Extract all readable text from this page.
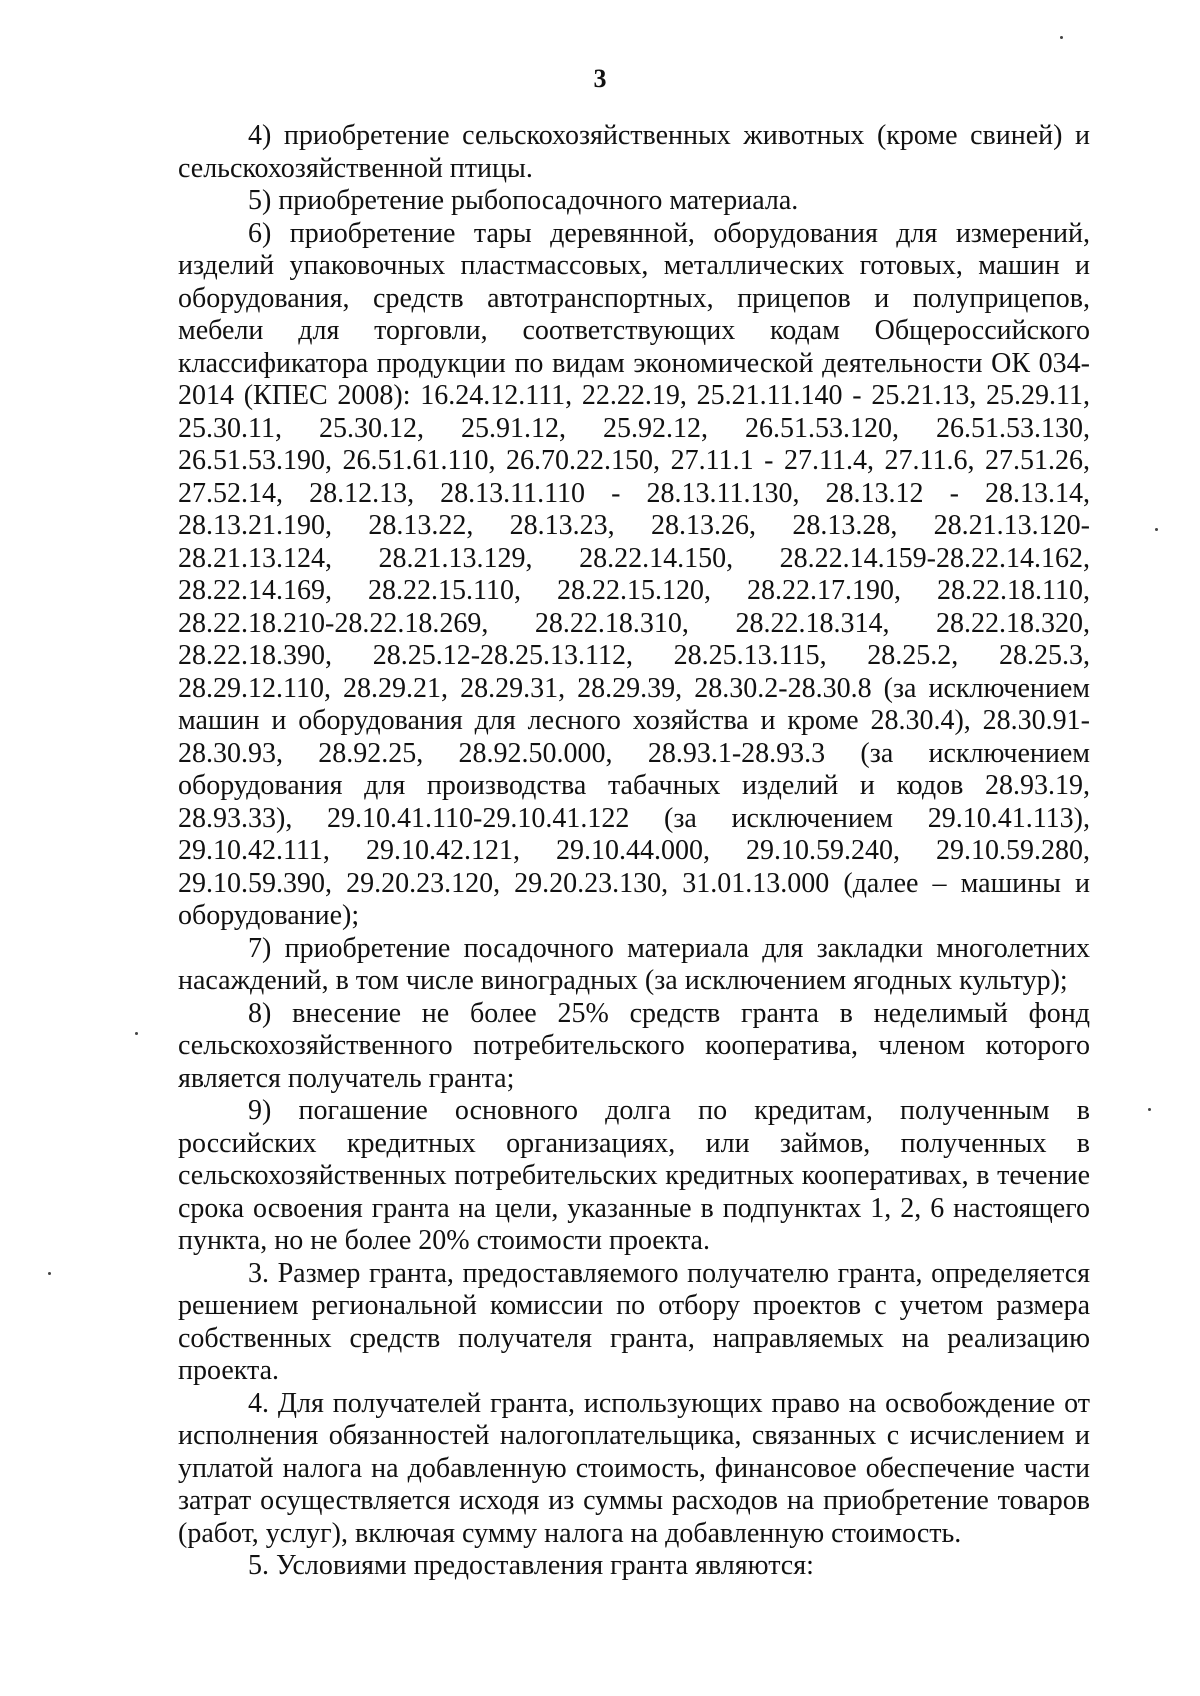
3

4) приобретение сельскохозяйственных животных (кроме свиней) и сельскохозяйственной птицы.

5) приобретение рыбопосадочного материала.

6) приобретение тары деревянной, оборудования для измерений, изделий упаковочных пластмассовых, металлических готовых, машин и оборудования, средств автотранспортных, прицепов и полуприцепов, мебели для торговли, соответствующих кодам Общероссийского классификатора продукции по видам экономической деятельности ОК 034-2014 (КПЕС 2008): 16.24.12.111, 22.22.19, 25.21.11.140 - 25.21.13, 25.29.11, 25.30.11, 25.30.12, 25.91.12, 25.92.12, 26.51.53.120, 26.51.53.130, 26.51.53.190, 26.51.61.110, 26.70.22.150, 27.11.1 - 27.11.4, 27.11.6, 27.51.26, 27.52.14, 28.12.13, 28.13.11.110 - 28.13.11.130, 28.13.12 - 28.13.14, 28.13.21.190, 28.13.22, 28.13.23, 28.13.26, 28.13.28, 28.21.13.120-28.21.13.124, 28.21.13.129, 28.22.14.150, 28.22.14.159-28.22.14.162, 28.22.14.169, 28.22.15.110, 28.22.15.120, 28.22.17.190, 28.22.18.110, 28.22.18.210-28.22.18.269, 28.22.18.310, 28.22.18.314, 28.22.18.320, 28.22.18.390, 28.25.12-28.25.13.112, 28.25.13.115, 28.25.2, 28.25.3, 28.29.12.110, 28.29.21, 28.29.31, 28.29.39, 28.30.2-28.30.8 (за исключением машин и оборудования для лесного хозяйства и кроме 28.30.4), 28.30.91-28.30.93, 28.92.25, 28.92.50.000, 28.93.1-28.93.3 (за исключением оборудования для производства табачных изделий и кодов 28.93.19, 28.93.33), 29.10.41.110-29.10.41.122 (за исключением 29.10.41.113), 29.10.42.111, 29.10.42.121, 29.10.44.000, 29.10.59.240, 29.10.59.280, 29.10.59.390, 29.20.23.120, 29.20.23.130, 31.01.13.000 (далее – машины и оборудование);

7) приобретение посадочного материала для закладки многолетних насаждений, в том числе виноградных (за исключением ягодных культур);

8) внесение не более 25% средств гранта в неделимый фонд сельскохозяйственного потребительского кооператива, членом которого является получатель гранта;

9) погашение основного долга по кредитам, полученным в российских кредитных организациях, или займов, полученных в сельскохозяйственных потребительских кредитных кооперативах, в течение срока освоения гранта на цели, указанные в подпунктах 1, 2, 6 настоящего пункта, но не более 20% стоимости проекта.

3. Размер гранта, предоставляемого получателю гранта, определяется решением региональной комиссии по отбору проектов с учетом размера собственных средств получателя гранта, направляемых на реализацию проекта.

4. Для получателей гранта, использующих право на освобождение от исполнения обязанностей налогоплательщика, связанных с исчислением и уплатой налога на добавленную стоимость, финансовое обеспечение части затрат осуществляется исходя из суммы расходов на приобретение товаров (работ, услуг), включая сумму налога на добавленную стоимость.

5. Условиями предоставления гранта являются:
